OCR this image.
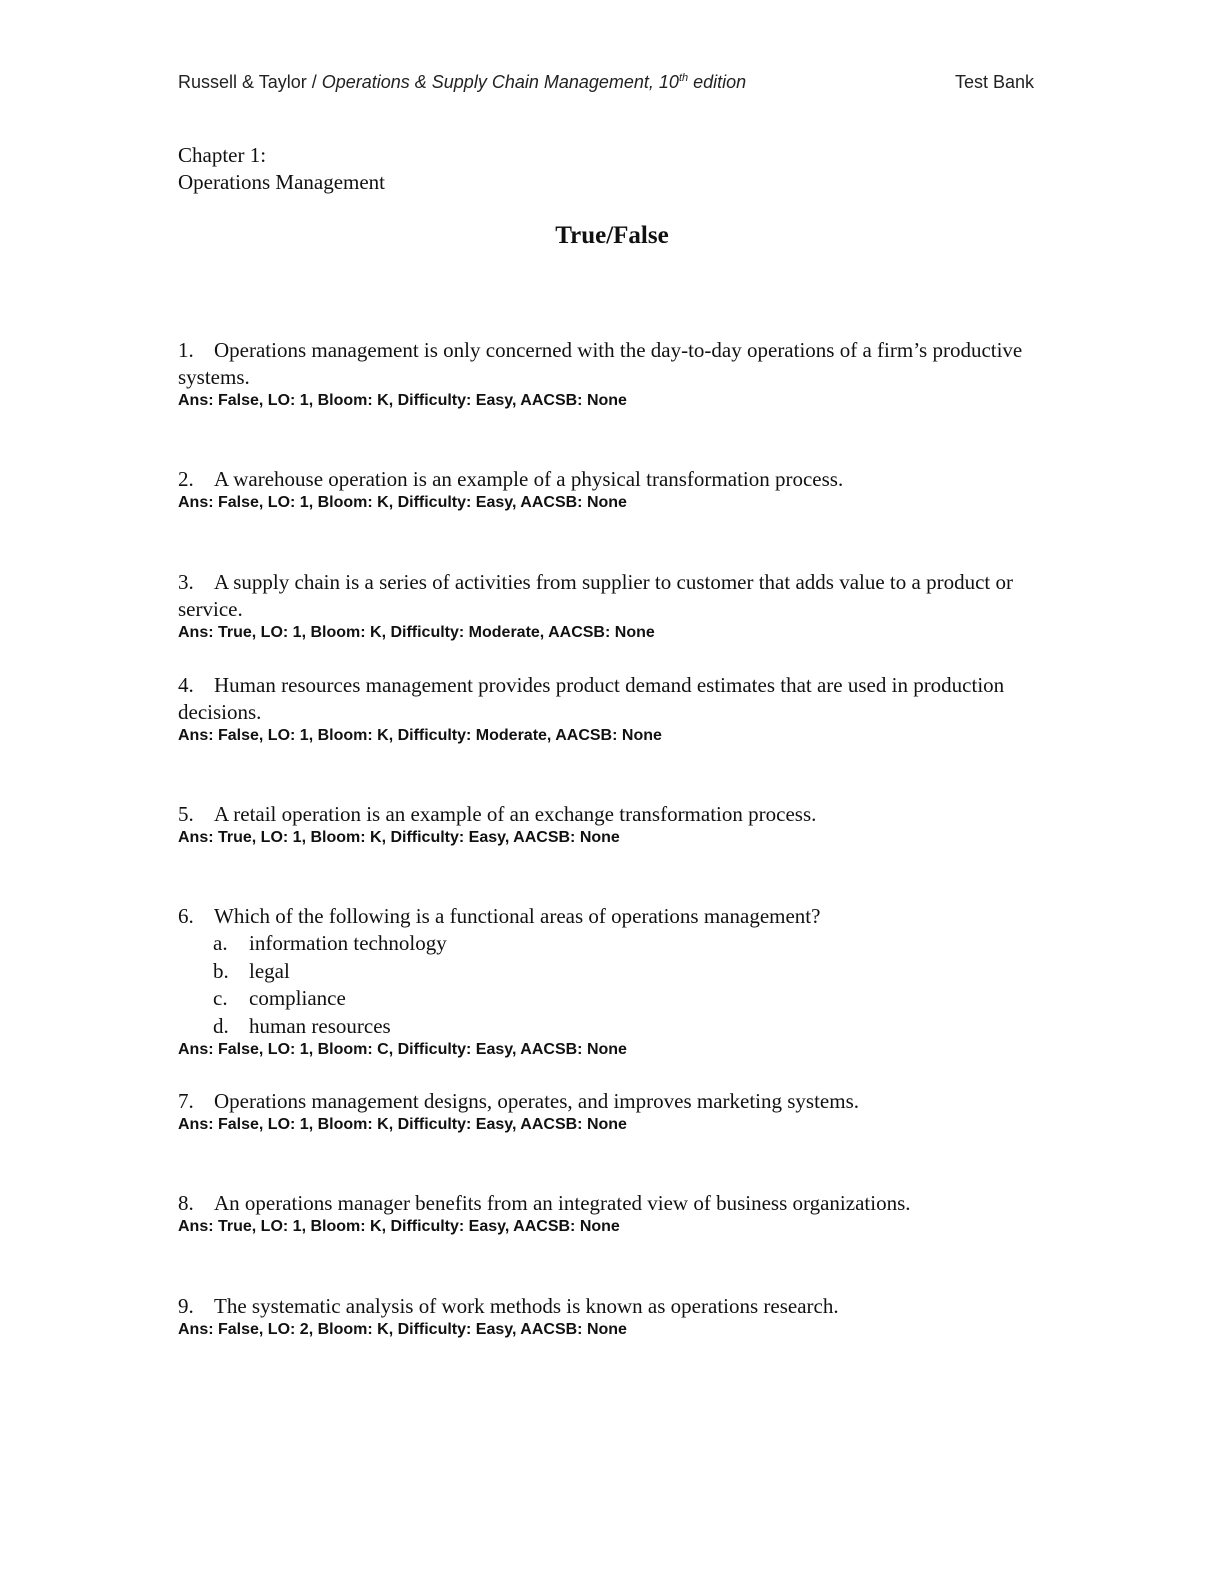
Russell & Taylor / Operations & Supply Chain Management, 10th edition	Test Bank
Chapter 1:
Operations Management
True/False
1. Operations management is only concerned with the day-to-day operations of a firm’s productive systems.
Ans: False, LO: 1, Bloom: K, Difficulty: Easy, AACSB: None
2. A warehouse operation is an example of a physical transformation process.
Ans: False, LO: 1, Bloom: K, Difficulty: Easy, AACSB: None
3. A supply chain is a series of activities from supplier to customer that adds value to a product or service.
Ans: True, LO: 1, Bloom: K, Difficulty: Moderate, AACSB: None
4. Human resources management provides product demand estimates that are used in production decisions.
Ans: False, LO: 1, Bloom: K, Difficulty: Moderate, AACSB: None
5. A retail operation is an example of an exchange transformation process.
Ans: True, LO: 1, Bloom: K, Difficulty: Easy, AACSB: None
6. Which of the following is a functional areas of operations management?
a. information technology
b. legal
c. compliance
d. human resources
Ans: False, LO: 1, Bloom: C, Difficulty: Easy, AACSB: None
7. Operations management designs, operates, and improves marketing systems.
Ans: False, LO: 1, Bloom: K, Difficulty: Easy, AACSB: None
8. An operations manager benefits from an integrated view of business organizations.
Ans: True, LO: 1, Bloom: K, Difficulty: Easy, AACSB: None
9. The systematic analysis of work methods is known as operations research.
Ans: False, LO: 2, Bloom: K, Difficulty: Easy, AACSB: None
